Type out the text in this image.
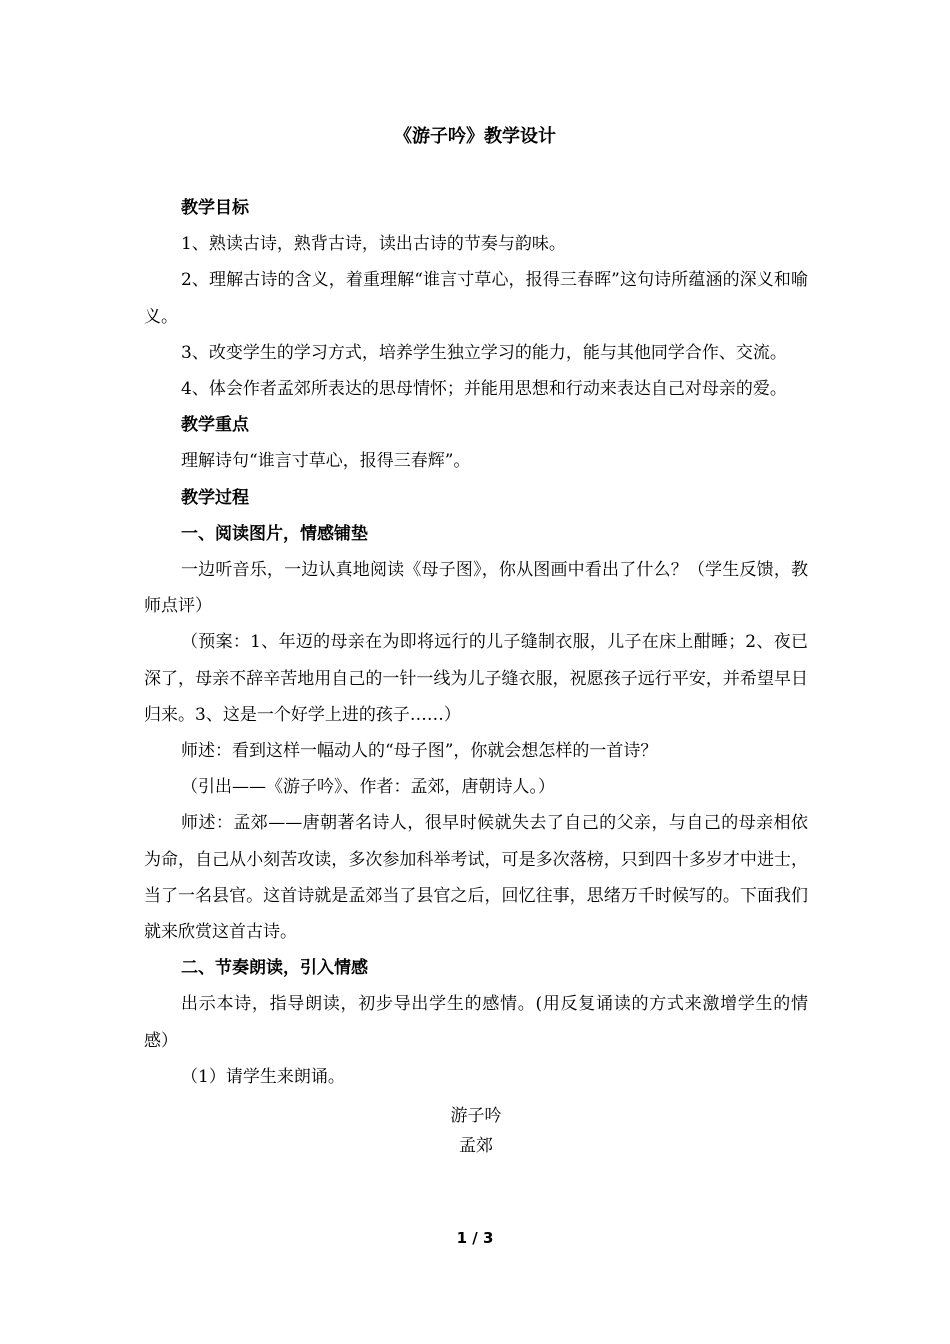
《游子吟》教学设计

教学目标

1、熟读古诗，熟背古诗，读出古诗的节奏与韵味。

2、理解古诗的含义，着重理解“谁言寸草心，报得三春晖”这句诗所蕴涵的深义和喻义。

3、改变学生的学习方式，培养学生独立学习的能力，能与其他同学合作、交流。

4、体会作者孟郊所表达的思母情怀；并能用思想和行动来表达自己对母亲的爱。

教学重点

理解诗句“谁言寸草心，报得三春辉”。

教学过程

一、阅读图片，情感铺垫

一边听音乐，一边认真地阅读《母子图》，你从图画中看出了什么？（学生反馈，教师点评）

（预案：1、年迈的母亲在为即将远行的儿子缝制衣服，儿子在床上酣睡；2、夜已深了，母亲不辞辛苦地用自己的一针一线为儿子缝衣服，祝愿孩子远行平安，并希望早日归来。3、这是一个好学上进的孩子……）

师述：看到这样一幅动人的“母子图”，你就会想怎样的一首诗？

（引出——《游子吟》、作者：孟郊，唐朝诗人。）

师述：孟郊——唐朝著名诗人，很早时候就失去了自己的父亲，与自己的母亲相依为命，自己从小刻苦攻读，多次参加科举考试，可是多次落榜，只到四十多岁才中进士，当了一名县官。这首诗就是孟郊当了县官之后，回忆往事，思绪万千时候写的。下面我们就来欣赏这首古诗。

二、节奏朗读，引入情感

出示本诗，指导朗读，初步导出学生的感情。(用反复诵读的方式来激增学生的情感）

（1）请学生来朗诵。

游子吟

孟郊

1 / 3
